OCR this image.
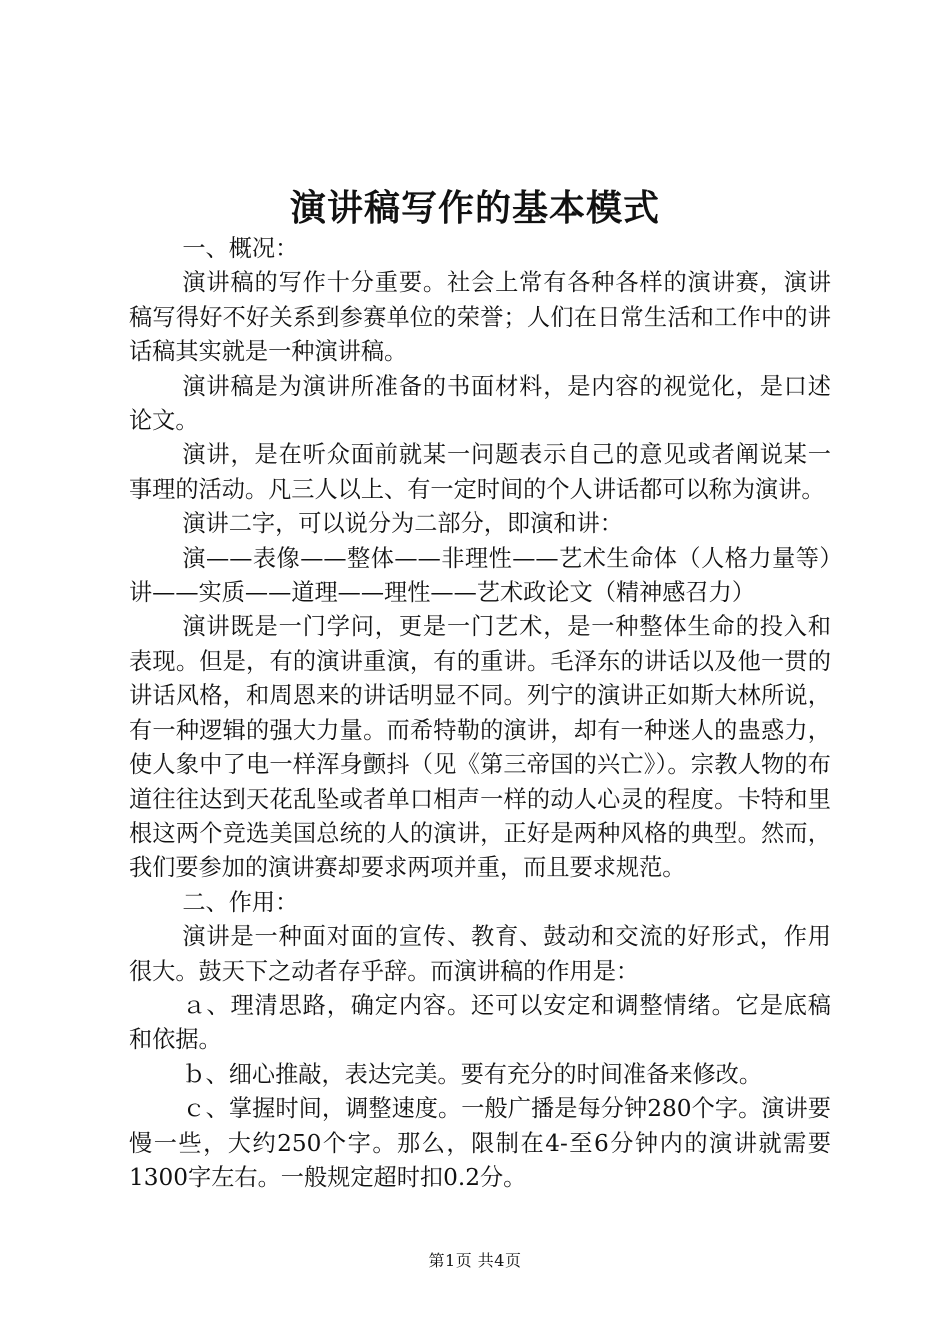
演讲稿写作的基本模式

一、概况：

演讲稿的写作十分重要。社会上常有各种各样的演讲赛，演讲稿写得好不好关系到参赛单位的荣誉；人们在日常生活和工作中的讲话稿其实就是一种演讲稿。

演讲稿是为演讲所准备的书面材料，是内容的视觉化，是口述论文。

演讲，是在听众面前就某一问题表示自己的意见或者阐说某一事理的活动。凡三人以上、有一定时间的个人讲话都可以称为演讲。

演讲二字，可以说分为二部分，即演和讲：

演——表像——整体——非理性——艺术生命体（人格力量等）讲——实质——道理——理性——艺术政论文（精神感召力）

演讲既是一门学问，更是一门艺术，是一种整体生命的投入和表现。但是，有的演讲重演，有的重讲。毛泽东的讲话以及他一贯的讲话风格，和周恩来的讲话明显不同。列宁的演讲正如斯大林所说，有一种逻辑的强大力量。而希特勒的演讲，却有一种迷人的蛊惑力，使人象中了电一样浑身颤抖（见《第三帝国的兴亡》）。宗教人物的布道往往达到天花乱坠或者单口相声一样的动人心灵的程度。卡特和里根这两个竞选美国总统的人的演讲，正好是两种风格的典型。然而，我们要参加的演讲赛却要求两项并重，而且要求规范。

二、作用：

演讲是一种面对面的宣传、教育、鼓动和交流的好形式，作用很大。鼓天下之动者存乎辞。而演讲稿的作用是：

ａ、理清思路，确定内容。还可以安定和调整情绪。它是底稿和依据。

ｂ、细心推敲，表达完美。要有充分的时间准备来修改。

ｃ、掌握时间，调整速度。一般广播是每分钟280个字。演讲要慢一些，大约250个字。那么，限制在4-至6分钟内的演讲就需要1300字左右。一般规定超时扣0.2分。

第1页 共4页
